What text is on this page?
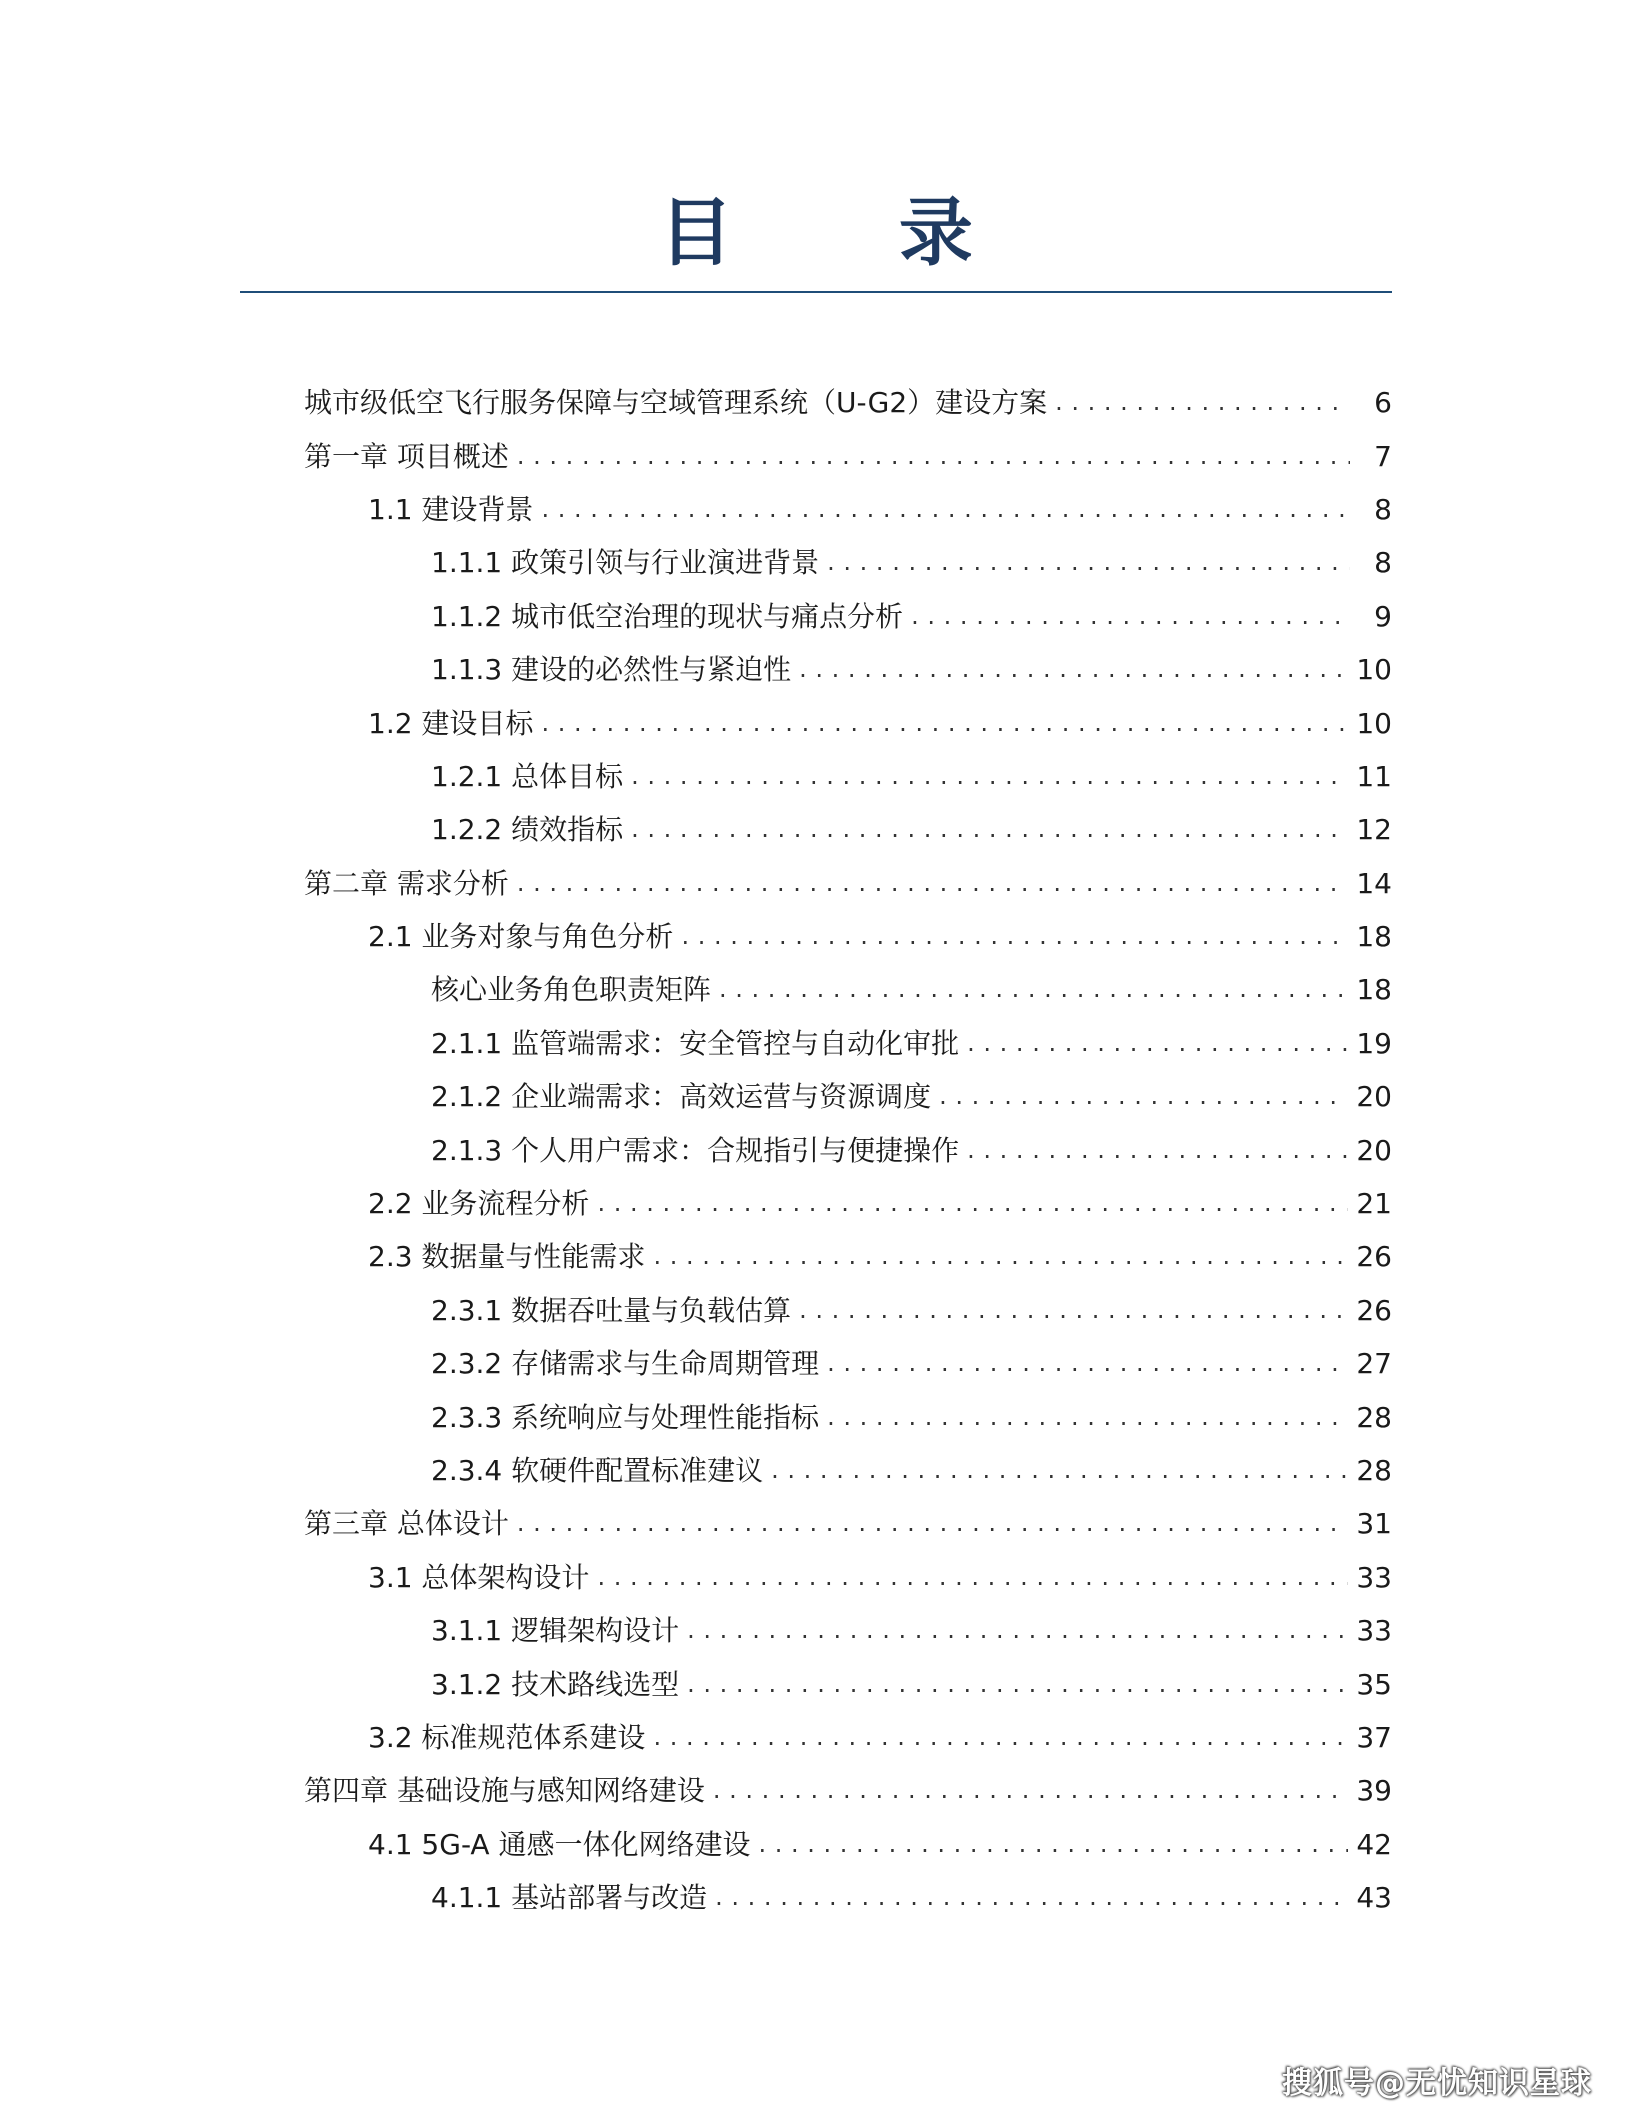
目 录
城市级低空飞行服务保障与空域管理系统（U-G2）建设方案 . . .	6
第一章 项目概述 . . .	7
1.1 建设背景 . . .	8
1.1.1 政策引领与行业演进背景 . . .	8
1.1.2 城市低空治理的现状与痛点分析 . . .	9
1.1.3 建设的必然性与紧迫性 . . .	10
1.2 建设目标 . . .	10
1.2.1 总体目标 . . .	11
1.2.2 绩效指标 . . .	12
第二章 需求分析 . . .	14
2.1 业务对象与角色分析 . . .	18
核心业务角色职责矩阵 . . .	18
2.1.1 监管端需求：安全管控与自动化审批 . . .	19
2.1.2 企业端需求：高效运营与资源调度 . . .	20
2.1.3 个人用户需求：合规指引与便捷操作 . . .	20
2.2 业务流程分析 . . .	21
2.3 数据量与性能需求 . . .	26
2.3.1 数据吞吐量与负载估算 . . .	26
2.3.2 存储需求与生命周期管理 . . .	27
2.3.3 系统响应与处理性能指标 . . .	28
2.3.4 软硬件配置标准建议 . . .	28
第三章 总体设计 . . .	31
3.1 总体架构设计 . . .	33
3.1.1 逻辑架构设计 . . .	33
3.1.2 技术路线选型 . . .	35
3.2 标准规范体系建设 . . .	37
第四章 基础设施与感知网络建设 . . .	39
4.1 5G-A 通感一体化网络建设 . . .	42
4.1.1 基站部署与改造 . . .	43
搜狐号@无忧知识星球
